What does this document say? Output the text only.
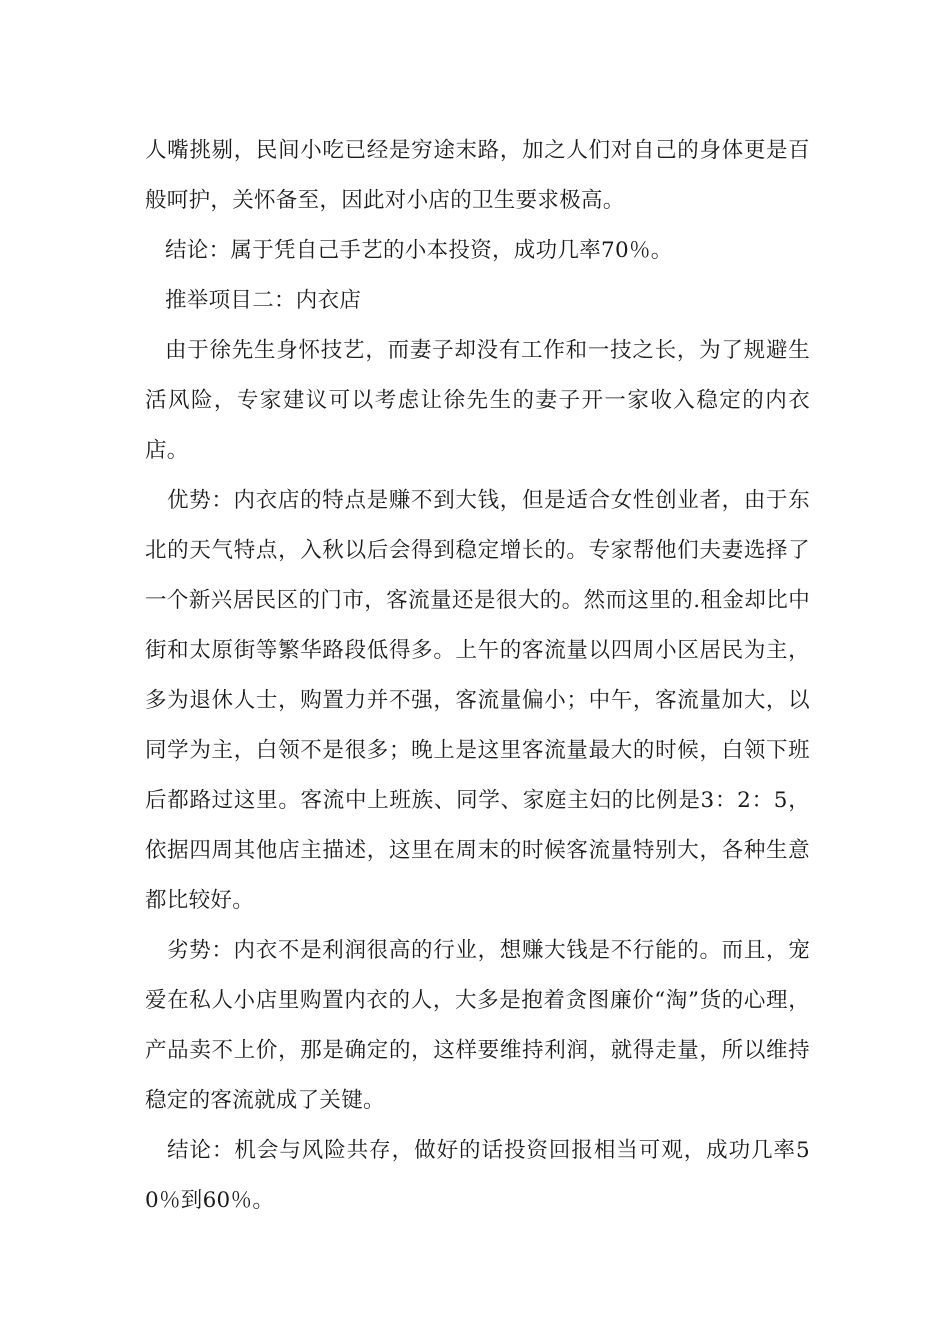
人嘴挑剔，民间小吃已经是穷途末路，加之人们对自己的身体更是百般呵护，关怀备至，因此对小店的卫生要求极高。

结论：属于凭自己手艺的小本投资，成功几率70％。

推举项目二：内衣店

由于徐先生身怀技艺，而妻子却没有工作和一技之长，为了规避生活风险，专家建议可以考虑让徐先生的妻子开一家收入稳定的内衣店。

优势：内衣店的特点是赚不到大钱，但是适合女性创业者，由于东北的天气特点，入秋以后会得到稳定增长的。专家帮他们夫妻选择了一个新兴居民区的门市，客流量还是很大的。然而这里的.租金却比中街和太原街等繁华路段低得多。上午的客流量以四周小区居民为主，多为退休人士，购置力并不强，客流量偏小；中午，客流量加大，以同学为主，白领不是很多；晚上是这里客流量最大的时候，白领下班后都路过这里。客流中上班族、同学、家庭主妇的比例是3：2：5，依据四周其他店主描述，这里在周末的时候客流量特别大，各种生意都比较好。

劣势：内衣不是利润很高的行业，想赚大钱是不行能的。而且，宠爱在私人小店里购置内衣的人，大多是抱着贪图廉价“淘”货的心理，产品卖不上价，那是确定的，这样要维持利润，就得走量，所以维持稳定的客流就成了关键。

结论：机会与风险共存，做好的话投资回报相当可观，成功几率50％到60％。
